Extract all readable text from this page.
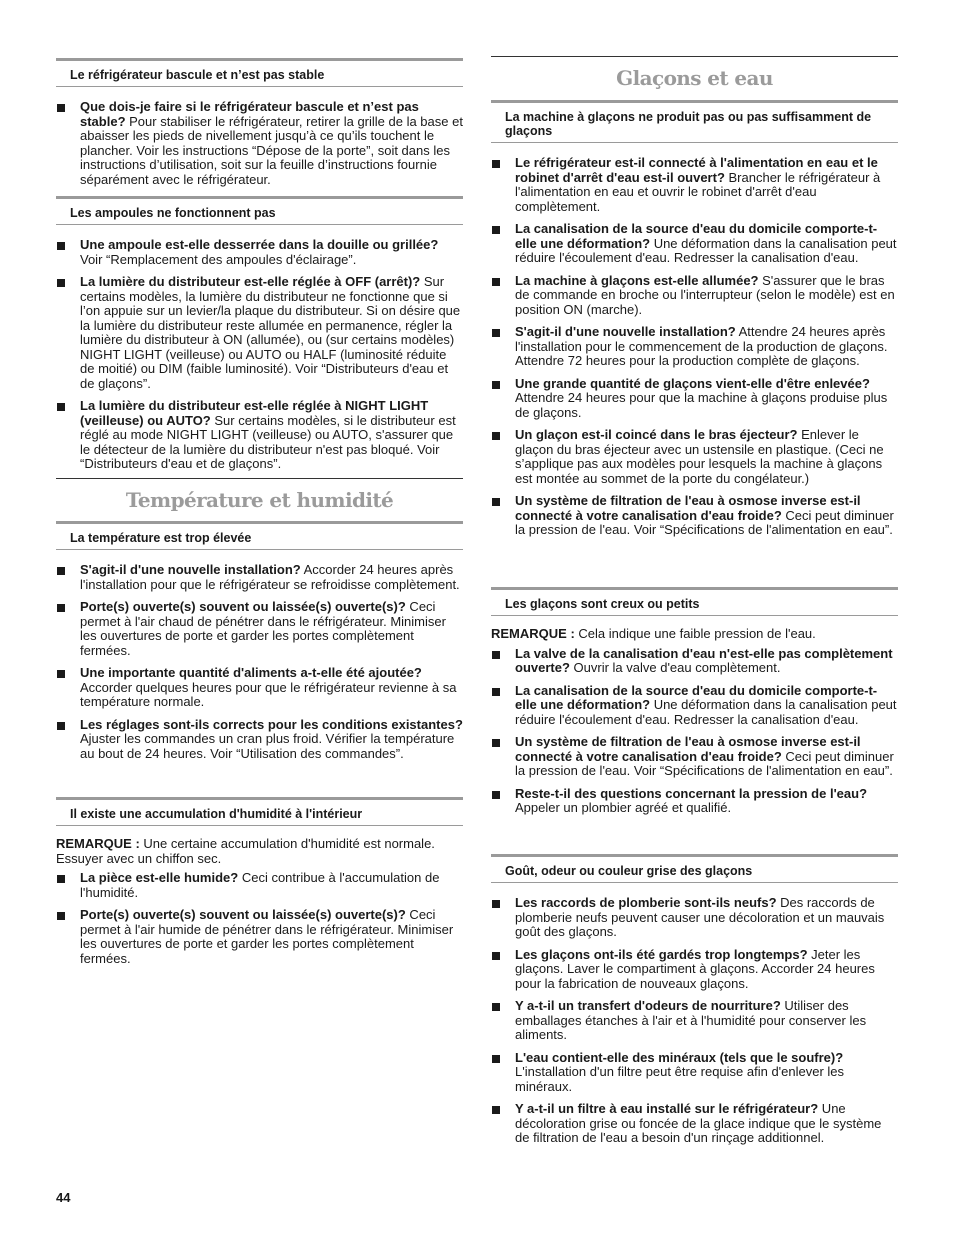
Le réfrigérateur bascule et n’est pas stable
Que dois-je faire si le réfrigérateur bascule et n’est pas stable? Pour stabiliser le réfrigérateur, retirer la grille de la base et abaisser les pieds de nivellement jusqu’à ce qu’ils touchent le plancher. Voir les instructions “Dépose de la porte”, soit dans les instructions d’utilisation, soit sur la feuille d’instructions fournie séparément avec le réfrigérateur.
Les ampoules ne fonctionnent pas
Une ampoule est-elle desserrée dans la douille ou grillée? Voir “Remplacement des ampoules d'éclairage”.
La lumière du distributeur est-elle réglée à OFF (arrêt)? Sur certains modèles, la lumière du distributeur ne fonctionne que si l’on appuie sur un levier/la plaque du distributeur. Si on désire que la lumière du distributeur reste allumée en permanence, régler la lumière du distributeur à ON (allumée), ou (sur certains modèles) NIGHT LIGHT (veilleuse) ou AUTO ou HALF (luminosité réduite de moitié) ou DIM (faible luminosité). Voir “Distributeurs d'eau et de glaçons”.
La lumière du distributeur est-elle réglée à NIGHT LIGHT (veilleuse) ou AUTO? Sur certains modèles, si le distributeur est réglé au mode NIGHT LIGHT (veilleuse) ou AUTO, s'assurer que le détecteur de la lumière du distributeur n'est pas bloqué. Voir “Distributeurs d'eau et de glaçons”.
Température et humidité
La température est trop élevée
S'agit-il d'une nouvelle installation? Accorder 24 heures après l'installation pour que le réfrigérateur se refroidisse complètement.
Porte(s) ouverte(s) souvent ou laissée(s) ouverte(s)? Ceci permet à l'air chaud de pénétrer dans le réfrigérateur. Minimiser les ouvertures de porte et garder les portes complètement fermées.
Une importante quantité d'aliments a-t-elle été ajoutée? Accorder quelques heures pour que le réfrigérateur revienne à sa température normale.
Les réglages sont-ils corrects pour les conditions existantes? Ajuster les commandes un cran plus froid. Vérifier la température au bout de 24 heures. Voir “Utilisation des commandes”.
Il existe une accumulation d'humidité à l'intérieur
REMARQUE : Une certaine accumulation d'humidité est normale. Essuyer avec un chiffon sec.
La pièce est-elle humide? Ceci contribue à l'accumulation de l'humidité.
Porte(s) ouverte(s) souvent ou laissée(s) ouverte(s)? Ceci permet à l'air humide de pénétrer dans le réfrigérateur. Minimiser les ouvertures de porte et garder les portes complètement fermées.
Glaçons et eau
La machine à glaçons ne produit pas ou pas suffisamment de glaçons
Le réfrigérateur est-il connecté à l'alimentation en eau et le robinet d'arrêt d'eau est-il ouvert? Brancher le réfrigérateur à l'alimentation en eau et ouvrir le robinet d'arrêt d'eau complètement.
La canalisation de la source d'eau du domicile comporte-t-elle une déformation? Une déformation dans la canalisation peut réduire l'écoulement d'eau. Redresser la canalisation d'eau.
La machine à glaçons est-elle allumée? S'assurer que le bras de commande en broche ou l'interrupteur (selon le modèle) est en position ON (marche).
S'agit-il d'une nouvelle installation? Attendre 24 heures après l'installation pour le commencement de la production de glaçons. Attendre 72 heures pour la production complète de glaçons.
Une grande quantité de glaçons vient-elle d'être enlevée? Attendre 24 heures pour que la machine à glaçons produise plus de glaçons.
Un glaçon est-il coincé dans le bras éjecteur? Enlever le glaçon du bras éjecteur avec un ustensile en plastique. (Ceci ne s’applique pas aux modèles pour lesquels la machine à glaçons est montée au sommet de la porte du congélateur.)
Un système de filtration de l'eau à osmose inverse est-il connecté à votre canalisation d'eau froide? Ceci peut diminuer la pression de l'eau. Voir “Spécifications de l'alimentation en eau”.
Les glaçons sont creux ou petits
REMARQUE : Cela indique une faible pression de l'eau.
La valve de la canalisation d'eau n'est-elle pas complètement ouverte? Ouvrir la valve d'eau complètement.
La canalisation de la source d'eau du domicile comporte-t-elle une déformation? Une déformation dans la canalisation peut réduire l'écoulement d'eau. Redresser la canalisation d'eau.
Un système de filtration de l'eau à osmose inverse est-il connecté à votre canalisation d'eau froide? Ceci peut diminuer la pression de l'eau. Voir “Spécifications de l'alimentation en eau”.
Reste-t-il des questions concernant la pression de l'eau? Appeler un plombier agréé et qualifié.
Goût, odeur ou couleur grise des glaçons
Les raccords de plomberie sont-ils neufs? Des raccords de plomberie neufs peuvent causer une décoloration et un mauvais goût des glaçons.
Les glaçons ont-ils été gardés trop longtemps? Jeter les glaçons. Laver le compartiment à glaçons. Accorder 24 heures pour la fabrication de nouveaux glaçons.
Y a-t-il un transfert d'odeurs de nourriture? Utiliser des emballages étanches à l'air et à l'humidité pour conserver les aliments.
L'eau contient-elle des minéraux (tels que le soufre)? L'installation d'un filtre peut être requise afin d'enlever les minéraux.
Y a-t-il un filtre à eau installé sur le réfrigérateur? Une décoloration grise ou foncée de la glace indique que le système de filtration de l'eau a besoin d'un rinçage additionnel.
44
